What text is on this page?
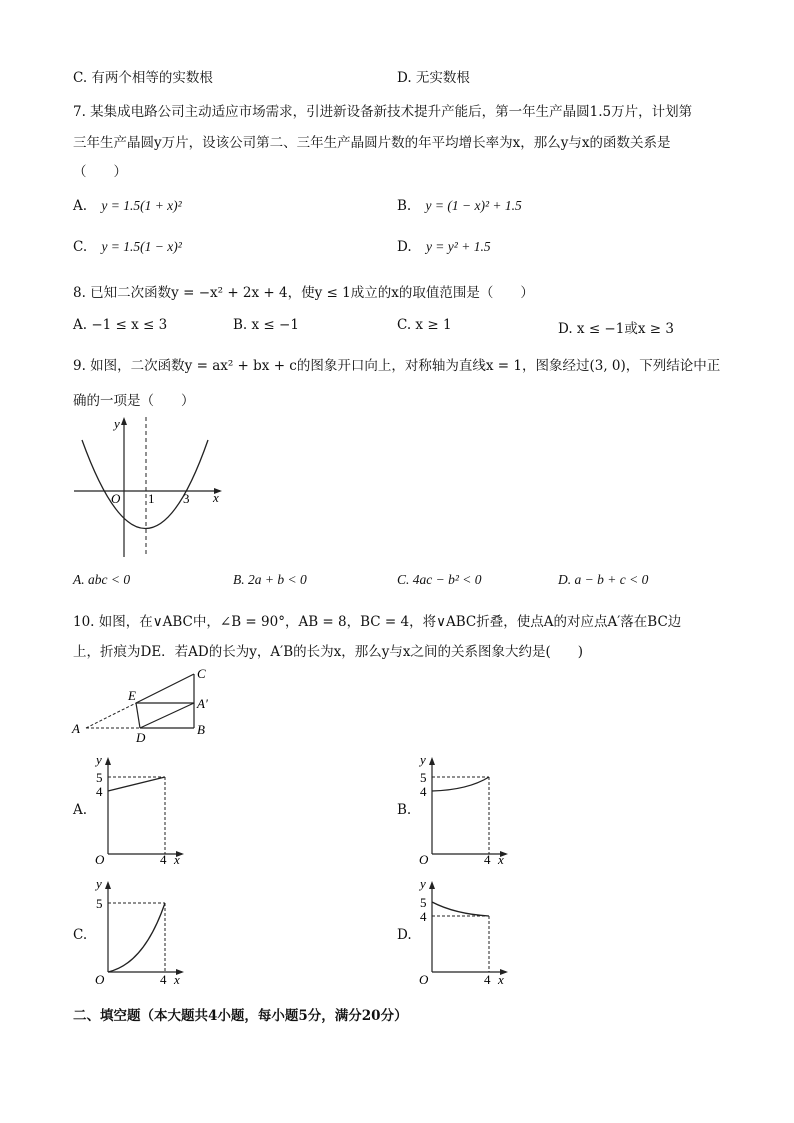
C. 有两个相等的实数根	D. 无实数根
7. 某集成电路公司主动适应市场需求，引进新设备新技术提升产能后，第一年生产晶圆1.5万片，计划第
三年生产晶圆y万片，设该公司第二、三年生产晶圆片数的年平均增长率为x，那么y与x的函数关系是
（　　）
A. y = 1.5(1 + x)²	B. y = (1 − x)² + 1.5
C. y = 1.5(1 − x)²	D. y = y² + 1.5
8. 已知二次函数y = −x² + 2x + 4，使y ≤ 1成立的x的取值范围是（　　）
A. −1 ≤ x ≤ 3	B. x ≤ −1	C. x ≥ 1	D. x ≤ −1或x ≥ 3
9. 如图，二次函数y = ax² + bx + c的图象开口向上，对称轴为直线x = 1，图象经过(3, 0)，下列结论中正
确的一项是（　　）
y
x
O 1 3
A. abc < 0	B. 2a + b < 0	C. 4ac − b² < 0	D. a − b + c < 0
10. 如图，在∨ABC中，∠B = 90°，AB = 8，BC = 4，将∨ABC折叠，使点A的对应点A′落在BC边
上，折痕为DE．若AD的长为y，A′B的长为x，那么y与x之间的关系图象大约是(　　)
A	B
C
D
E
A′
A.
y
5
4
O	4 x
B.
y
5
4
O	4 x
C.
y
5
O	4 x
D.
y
5
4
O	4 x
二、填空题（本大题共4小题，每小题5分，满分20分）
